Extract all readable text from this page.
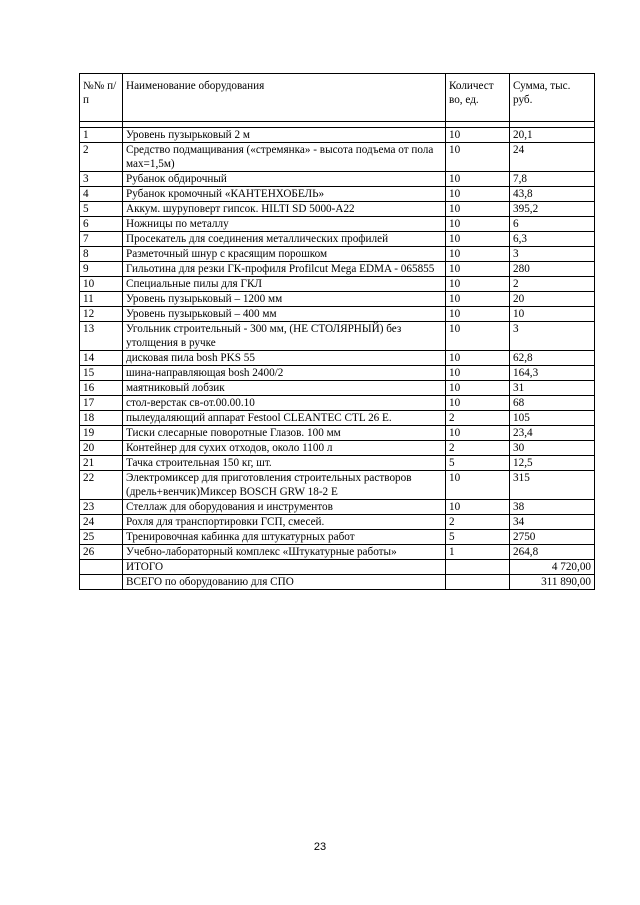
№№ п/п	Наименование оборудования	Количест во, ед.	Сумма, тыс. руб.

1	Уровень пузырьковый 2 м	10	20,1
2	Средство подмащивания («стремянка» - высота подъема от пола мах=1,5м)	10	24
3	Рубанок обдирочный	10	7,8
4	Рубанок кромочный «КАНТЕНХОБЕЛЬ»	10	43,8
5	Аккум. шуруповерт гипсок. HILTI SD 5000-A22	10	395,2
6	Ножницы по металлу	10	6
7	Просекатель для соединения металлических профилей	10	6,3
8	Разметочный шнур с красящим порошком	10	3
9	Гильотина для резки ГК-профиля Profilcut Mega EDMA - 065855	10	280
10	Специальные пилы для ГКЛ	10	2
11	Уровень пузырьковый – 1200 мм	10	20
12	Уровень пузырьковый – 400 мм	10	10
13	Угольник строительный - 300 мм, (НЕ СТОЛЯРНЫЙ) без утолщения в ручке	10	3
14	дисковая пила bosh PKS 55	10	62,8
15	шина-направляющая bosh 2400/2	10	164,3
16	маятниковый лобзик	10	31
17	стол-верстак св-от.00.00.10	10	68
18	пылеудаляющий аппарат Festool CLEANTEC CTL 26 E.	2	105
19	Тиски слесарные поворотные Глазов. 100 мм	10	23,4
20	Контейнер для сухих отходов, около 1100 л	2	30
21	Тачка строительная 150 кг, шт.	5	12,5
22	Электромиксер для приготовления строительных растворов (дрель+венчик)Миксер BOSCH GRW 18-2 E	10	315
23	Стеллаж для оборудования и инструментов	10	38
24	Рохля для транспортировки ГСП, смесей.	2	34
25	Тренировочная кабинка для штукатурных работ	5	2750
26	Учебно-лабораторный комплекс «Штукатурные работы»	1	264,8
	ИТОГО		4 720,00
	ВСЕГО по оборудованию для СПО		311 890,00
23
